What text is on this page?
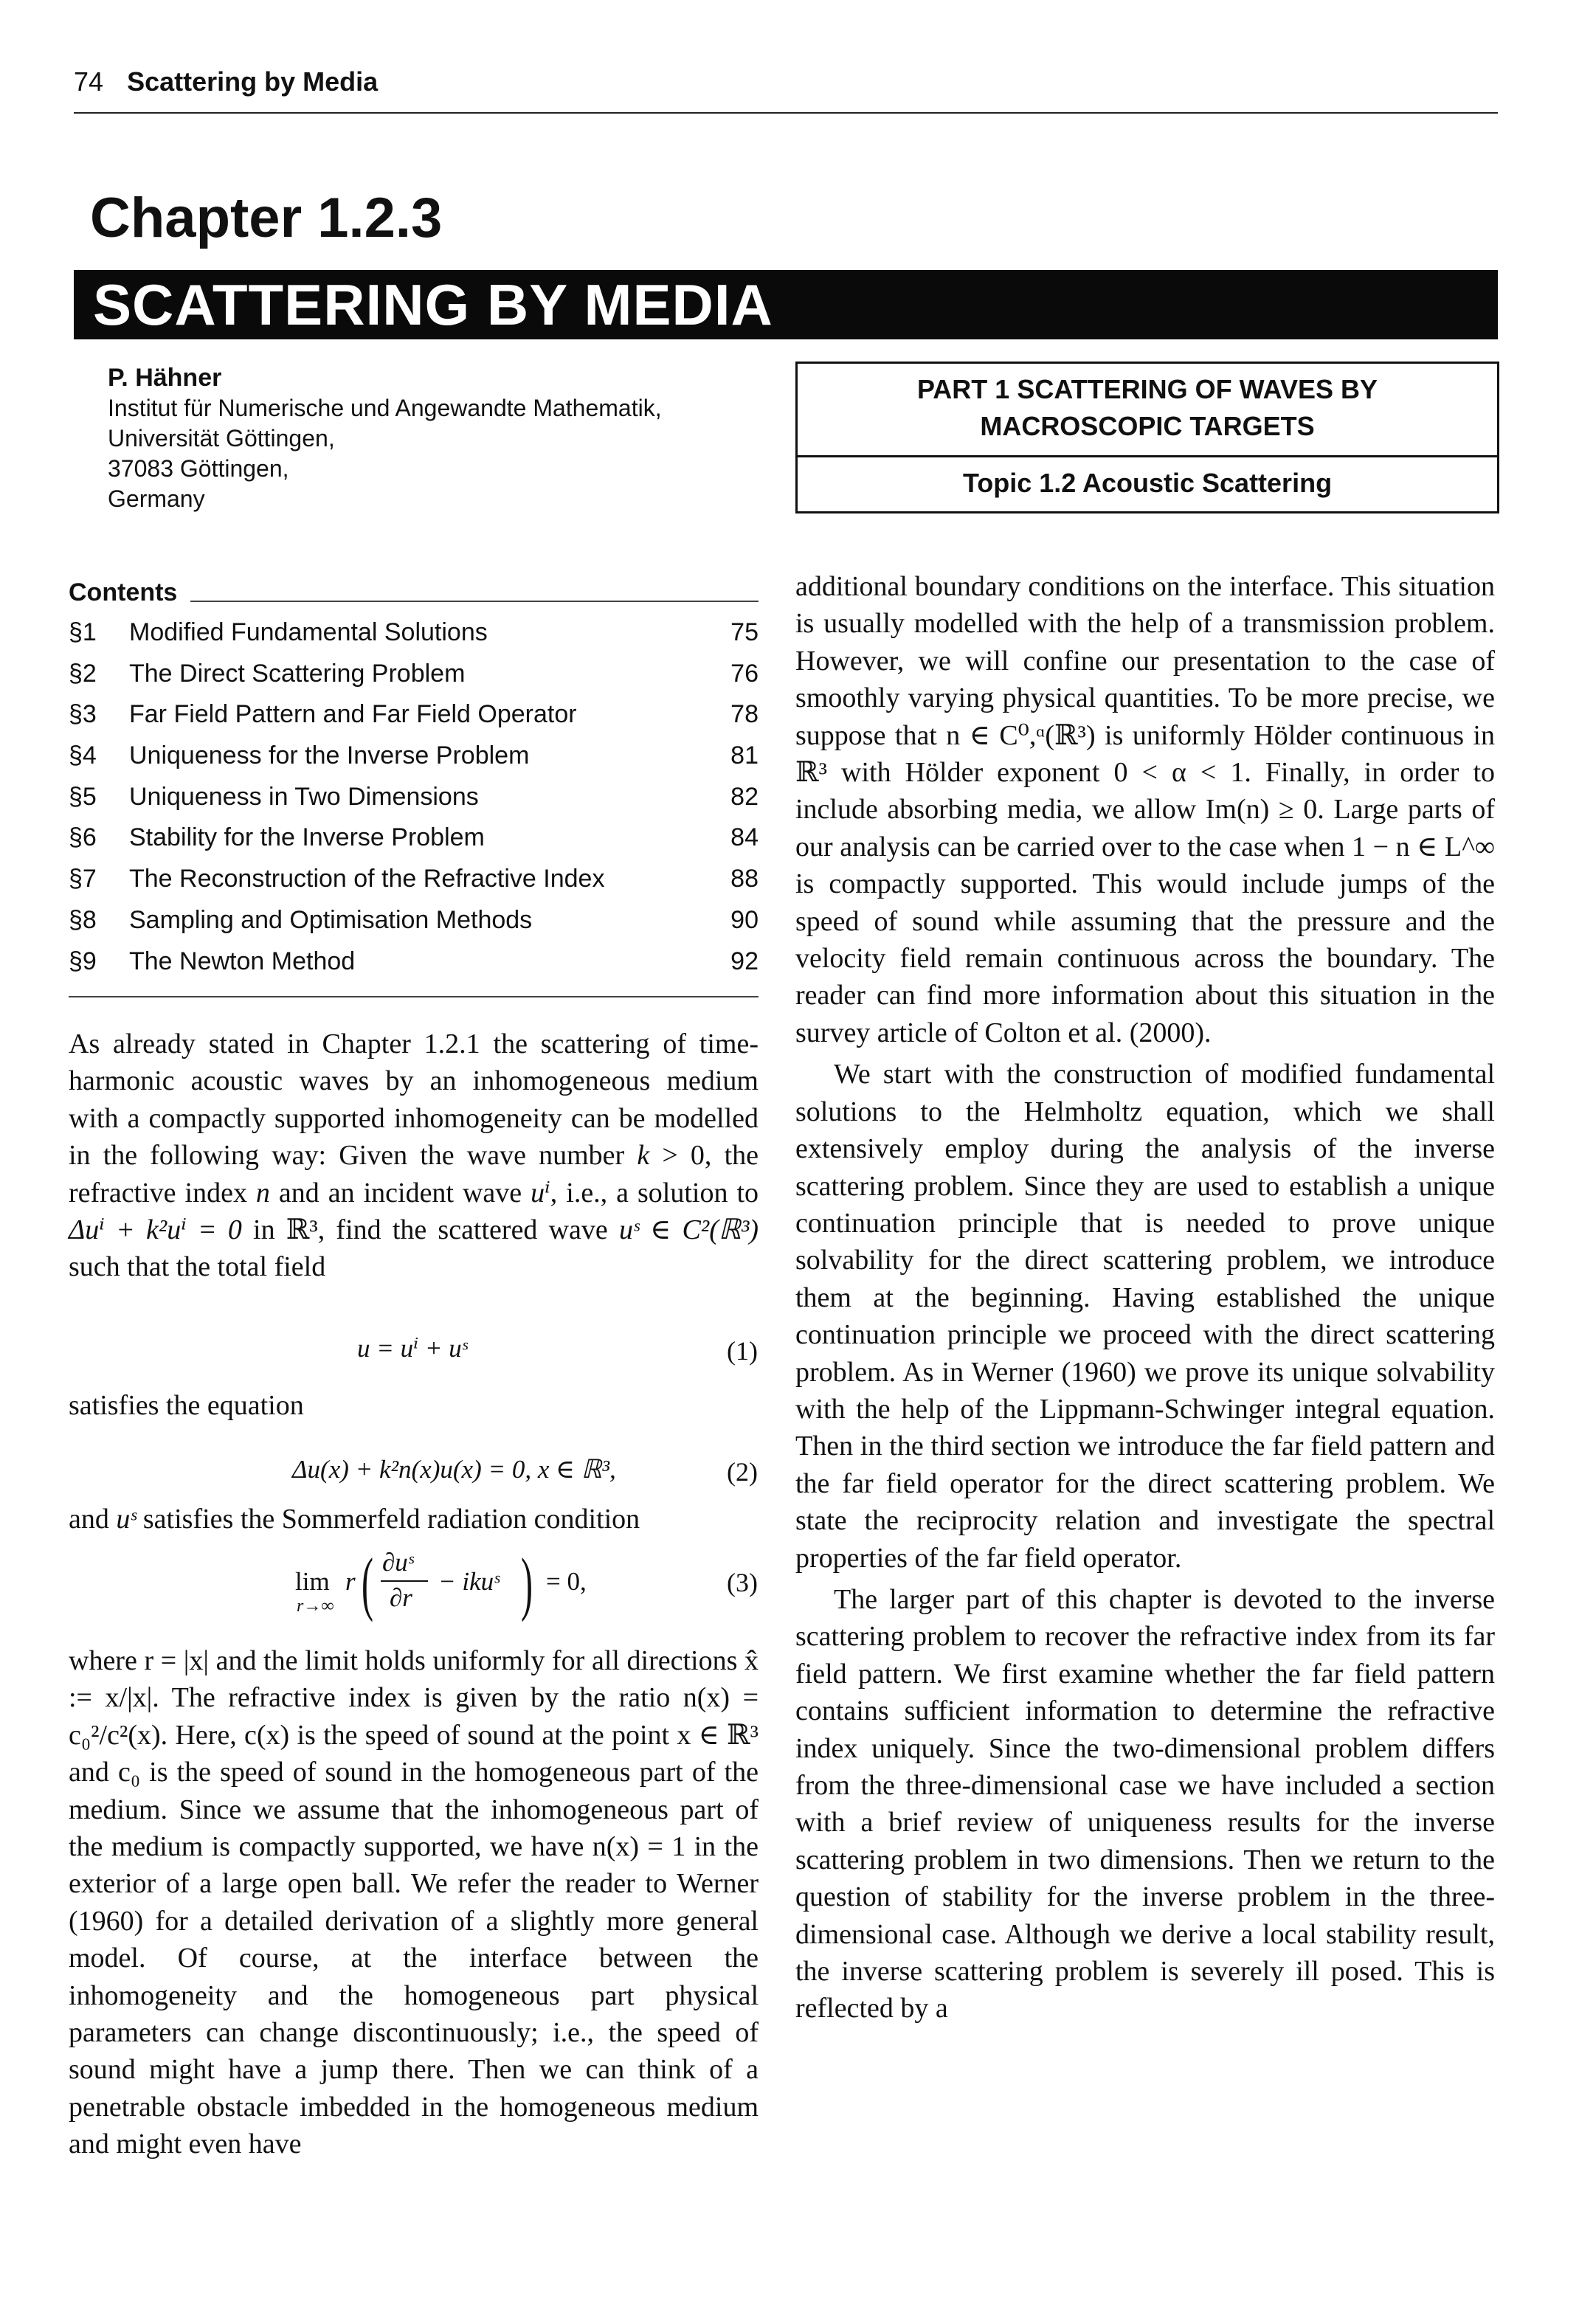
74 Scattering by Media
Chapter 1.2.3
SCATTERING BY MEDIA
P. Hähner
Institut für Numerische und Angewandte Mathematik,
Universität Göttingen,
37083 Göttingen,
Germany
PART 1 SCATTERING OF WAVES BY
MACROSCOPIC TARGETS
Topic 1.2 Acoustic Scattering
Contents
§1 Modified Fundamental Solutions	75
§2 The Direct Scattering Problem	76
§3 Far Field Pattern and Far Field Operator	78
§4 Uniqueness for the Inverse Problem	81
§5 Uniqueness in Two Dimensions	82
§6 Stability for the Inverse Problem	84
§7 The Reconstruction of the Refractive Index	88
§8 Sampling and Optimisation Methods	90
§9 The Newton Method	92

As already stated in Chapter 1.2.1 the scattering of time-harmonic acoustic waves by an inhomogeneous medium with a compactly supported inhomogeneity can be modelled in the following way: Given the wave number k > 0, the refractive index n and an incident wave uⁱ, i.e., a solution to Δuⁱ + k²uⁱ = 0 in ℝ³, find the scattered wave uˢ ∈ C²(ℝ³) such that the total field

u = uⁱ + uˢ	(1)
satisfies the equation
Δu(x) + k²n(x)u(x) = 0, x ∈ ℝ³,	(2)
and uˢ satisfies the Sommerfeld radiation condition
lim
r→∞
r ( ∂uˢ
∂r
− ikuˢ ) = 0,	(3)

where r = |x| and the limit holds uniformly for all directions x̂ := x/|x|. The refractive index is given by the ratio n(x) = c₀²/c²(x). Here, c(x) is the speed of sound at the point x ∈ ℝ³ and c₀ is the speed of sound in the homogeneous part of the medium. Since we assume that the inhomogeneous part of the medium is compactly supported, we have n(x) = 1 in the exterior of a large open ball. We refer the reader to Werner (1960) for a detailed derivation of a slightly more general model. Of course, at the interface between the inhomogeneity and the homogeneous part physical parameters can change discontinuously; i.e., the speed of sound might have a jump there. Then we can think of a penetrable obstacle imbedded in the homogeneous medium and might even have

additional boundary conditions on the interface. This situation is usually modelled with the help of a transmission problem. However, we will confine our presentation to the case of smoothly varying physical quantities. To be more precise, we suppose that n ∈ C⁰,ᵅ(ℝ³) is uniformly Hölder continuous in ℝ³ with Hölder exponent 0 < α < 1. Finally, in order to include absorbing media, we allow Im(n) ≥ 0. Large parts of our analysis can be carried over to the case when 1 − n ∈ L^∞ is compactly supported. This would include jumps of the speed of sound while assuming that the pressure and the velocity field remain continuous across the boundary. The reader can find more information about this situation in the survey article of Colton et al. (2000).

We start with the construction of modified fundamental solutions to the Helmholtz equation, which we shall extensively employ during the analysis of the inverse scattering problem. Since they are used to establish a unique continuation principle that is needed to prove unique solvability for the direct scattering problem, we introduce them at the beginning. Having established the unique continuation principle we proceed with the direct scattering problem. As in Werner (1960) we prove its unique solvability with the help of the Lippmann-Schwinger integral equation. Then in the third section we introduce the far field pattern and the far field operator for the direct scattering problem. We state the reciprocity relation and investigate the spectral properties of the far field operator.

The larger part of this chapter is devoted to the inverse scattering problem to recover the refractive index from its far field pattern. We first examine whether the far field pattern contains sufficient information to determine the refractive index uniquely. Since the two-dimensional problem differs from the three-dimensional case we have included a section with a brief review of uniqueness results for the inverse scattering problem in two dimensions. Then we return to the question of stability for the inverse problem in the three-dimensional case. Although we derive a local stability result, the inverse scattering problem is severely ill posed. This is reflected by a
